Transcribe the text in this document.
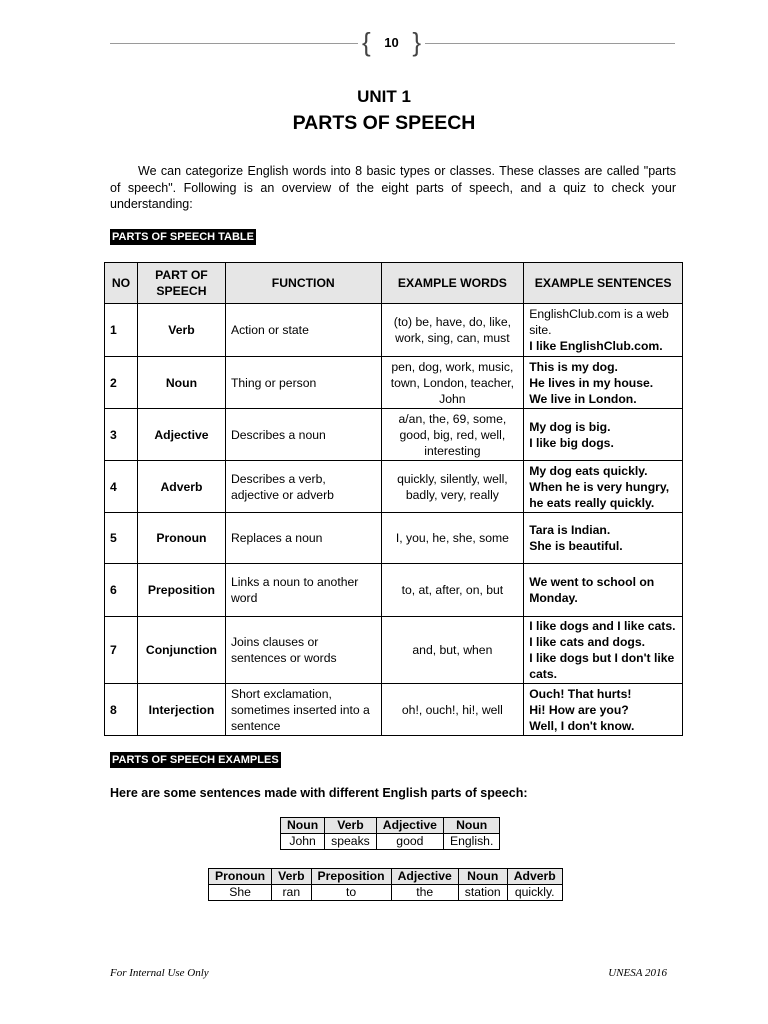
{ 10 }
UNIT 1
PARTS OF SPEECH

We can categorize English words into 8 basic types or classes. These classes are called "parts of speech". Following is an overview of the eight parts of speech, and a quiz to check your understanding:

PARTS OF SPEECH TABLE
NO	PART OF SPEECH	FUNCTION	EXAMPLE WORDS	EXAMPLE SENTENCES
1	Verb	Action or state	(to) be, have, do, like, work, sing, can, must	EnglishClub.com is a web site.
I like EnglishClub.com.

2	Noun	Thing or person	pen, dog, work, music, town, London, teacher, John	This is my dog.
He lives in my house.
We live in London.

3	Adjective	Describes a noun	a/an, the, 69, some, good, big, red, well, interesting	My dog is big.
I like big dogs.

4	Adverb	Describes a verb, adjective or adverb	quickly, silently, well, badly, very, really	My dog eats quickly.
When he is very hungry, he eats really quickly.

5	Pronoun	Replaces a noun	I, you, he, she, some	Tara is Indian.
She is beautiful.

6	Preposition	Links a noun to another word	to, at, after, on, but	We went to school on Monday.

7	Conjunction	Joins clauses or sentences or words	and, but, when	I like dogs and I like cats.
I like cats and dogs.
I like dogs but I don't like cats.

8	Interjection	Short exclamation, sometimes inserted into a sentence	oh!, ouch!, hi!, well	Ouch! That hurts!
Hi! How are you?
Well, I don't know.
PARTS OF SPEECH EXAMPLES
Here are some sentences made with different English parts of speech:
Noun	Verb	Adjective	Noun
John	speaks	good	English.
Pronoun	Verb	Preposition	Adjective	Noun	Adverb
She	ran	to	the	station	quickly.
For Internal Use Only	UNESA 2016
